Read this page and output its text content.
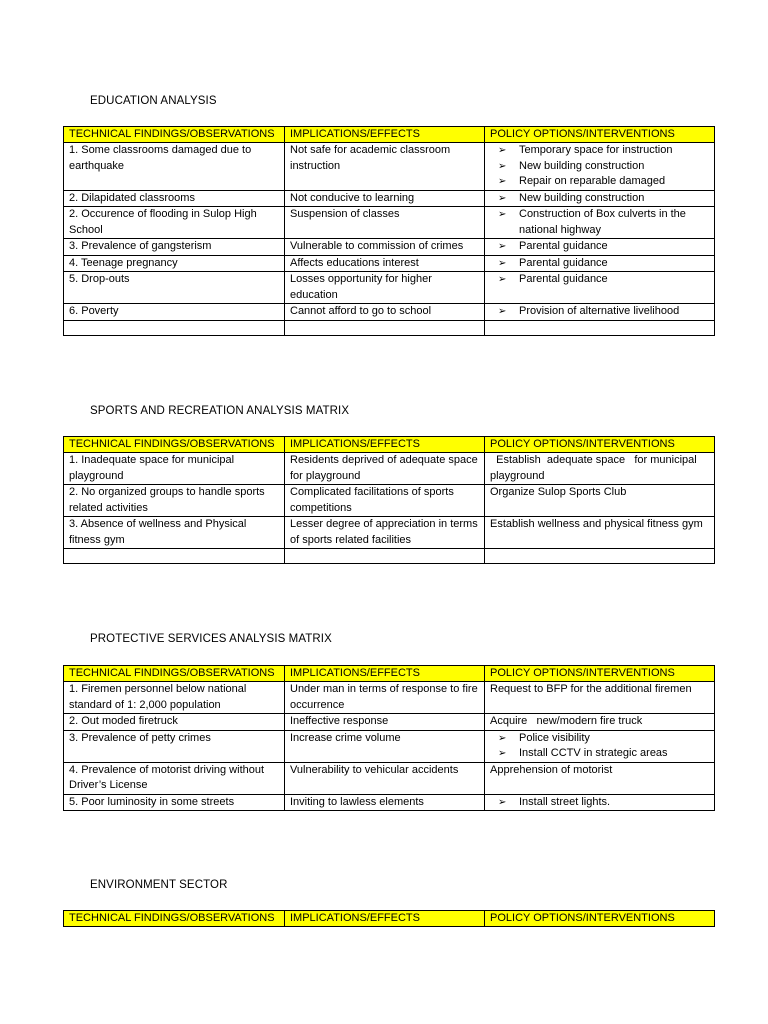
EDUCATION ANALYSIS
TECHNICAL FINDINGS/OBSERVATIONS	IMPLICATIONS/EFFECTS	POLICY OPTIONS/INTERVENTIONS
1. Some classrooms damaged due to earthquake	Not safe for academic classroom instruction	➢ Temporary space for instruction
➢ New building construction
➢ Repair on reparable damaged

2. Dilapidated classrooms	Not conducive to learning	➢ New building construction

2. Occurence of flooding in Sulop High School	Suspension of classes	➢ Construction of Box culverts in the national highway

3. Prevalence of gangsterism	Vulnerable to commission of crimes	➢ Parental guidance

4. Teenage pregnancy	Affects educations interest	➢ Parental guidance

5. Drop-outs	Losses opportunity for higher education	➢ Parental guidance

6. Poverty	Cannot afford to go to school	➢ Provision of alternative livelihood

SPORTS AND RECREATION ANALYSIS MATRIX
TECHNICAL FINDINGS/OBSERVATIONS	IMPLICATIONS/EFFECTS	POLICY OPTIONS/INTERVENTIONS
1. Inadequate space for municipal playground	Residents deprived of adequate space for playground	Establish  adequate space   for municipal playground
2. No organized groups to handle sports related activities	Complicated facilitations of sports competitions	Organize Sulop Sports Club
3. Absence of wellness and Physical fitness gym	Lesser degree of appreciation in terms of sports related facilities	Establish wellness and physical fitness gym

PROTECTIVE SERVICES ANALYSIS MATRIX
TECHNICAL FINDINGS/OBSERVATIONS	IMPLICATIONS/EFFECTS	POLICY OPTIONS/INTERVENTIONS
1. Firemen personnel below national standard of 1: 2,000 population	Under man in terms of response to fire occurrence	Request to BFP for the additional firemen
2. Out moded firetruck	Ineffective response	Acquire   new/modern fire truck
3. Prevalence of petty crimes	Increase crime volume	➢ Police visibility
➢ Install CCTV in strategic areas

4. Prevalence of motorist driving without Driver’s License	Vulnerability to vehicular accidents	Apprehension of motorist
5. Poor luminosity in some streets	Inviting to lawless elements	➢ Install street lights.
ENVIRONMENT SECTOR
TECHNICAL FINDINGS/OBSERVATIONS	IMPLICATIONS/EFFECTS	POLICY OPTIONS/INTERVENTIONS
